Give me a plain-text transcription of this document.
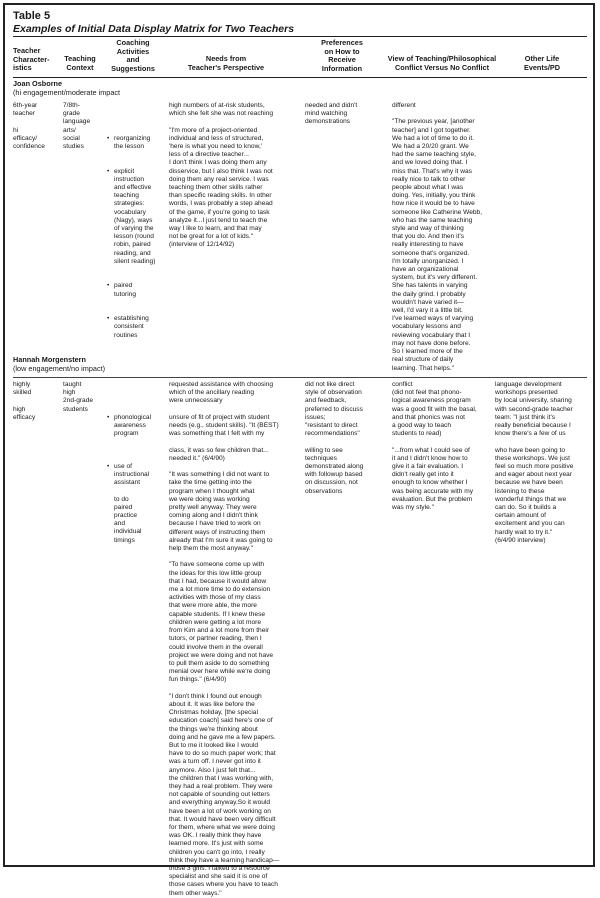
Table 5
Examples of Initial Data Display Matrix for Two Teachers
Teacher
Character-
istics
Teaching
Context
Coaching
Activities
and
Suggestions
Needs from
Teacher's Perspective
Preferences
on How to
Receive
Information
View of Teaching/Philosophical
Conflict Versus No Conflict
Other Life
Events/PD
Joan Osborne
(hi engagement/moderate impact
6th-year
teacher

hi
efficacy/
confidence
7/8th-
grade
language
arts/
social
studies

• reorganizing
the lesson

• explicit
instruction
and effective
teaching
strategies:
vocabulary
(Nagy), ways
of varying the
lesson (round
robin, paired
reading, and
silent reading)

• paired
tutoring

• establishing
consistent
routines

high numbers of at-risk students,
which she felt she was not reaching

"I'm more of a project-oriented
individual and less of structured,
'here is what you need to know,'
less of a directive teacher...
I don't think I was doing them any
disservice, but I also think I was not
doing them any real service. I was
teaching them other skills rather
than specific reading skills. In other
words, I was probably a step ahead
of the game, if you're going to task
analyze it...I just tend to teach the
way I like to learn, and that may
not be great for a lot of kids."
(interview of 12/14/92)
needed and didn't
mind watching
demonstrations
different

"The previous year, [another
teacher] and I got together.
We had a lot of time to do it.
We had a 20/20 grant. We
had the same teaching style,
and we loved doing that. I
miss that. That's why it was
really nice to talk to other
people about what I was
doing. Yes, initially, you think
how nice it would be to have
someone like Catherine Webb,
who has the same teaching
style and way of thinking
that you do. And then it's
really interesting to have
someone that's organized.
I'm totally unorganized. I
have an organizational
system, but it's very different.
She has talents in varying
the daily grind. I probably
wouldn't have varied it—
well, I'd vary it a little bit.
I've learned ways of varying
vocabulary lessons and
reviewing vocabulary that I
may not have done before.
So I learned more of the
real structure of daily
learning. That helps."
Hannah Morgenstern
(low engagement/no impact)
highly
skilled

high
efficacy
taught
high
2nd-grade
students

• phonological
awareness
program

• use of
instructional
assistant

to do
paired
practice
and
individual
timings

requested assistance with choosing
which of the ancillary reading
were unnecessary

unsure of fit of project with student
needs (e.g., student skills). "It (BEST)
was something that I felt with my

class, it was so few children that...
needed it." (6/4/90)

"It was something I did not want to
take the time getting into the
program when I thought what
we were doing was working
pretty well anyway. They were
coming along and I didn't think
because I have tried to work on
different ways of instructing them
already that I'm sure it was going to
help them the most anyway."

"To have someone come up with
the ideas for this low little group
that I had, because it would allow
me a lot more time to do extension
activities with those of my class
that were more able, the more
capable students. If I knew these
children were getting a lot more
from Kim and a lot more from their
tutors, or partner reading, then I
could involve them in the overall
project we were doing and not have
to pull them aside to do something
menial over here while we're doing
fun things." (6/4/90)

"I don't think I found out enough
about it. It was like before the
Christmas holiday, [the special
education coach] said here's one of
the things we're thinking about
doing and he gave me a few papers.
But to me it looked like I would
have to do so much paper work; that
was a turn off. I never got into it
anymore. Also I just felt that...
the children that I was working with,
they had a real problem. They were
not capable of sounding out letters
and everything anyway.So it would
have been a lot of work working on
that. It would have been very difficult
for them, where what we were doing
was OK. I really think they have
learned more. It's just with some
children you can't go into, I really
think they have a learning handicap—
those 3 girls. I talked to a resource
specialist and she said it is one of
those cases where you have to teach
them other ways."
did not like direct
style of observation
and feedback,
preferred to discuss
issues;
"resistant to direct
recommendations"

willing to see
techniques
demonstrated along
with followup based
on discussion, not
observations
conflict
(did not feel that phono-
logical awareness program
was a good fit with the basal,
and that phonics was not
a good way to teach
students to read)

"...from what I could see of
it and I didn't know how to
give it a fair evaluation. I
didn't really get into it
enough to know whether I
was being accurate with my
evaluation. But the problem
was my style."
language development
workshops presented
by local university, sharing
with second-grade teacher
team: "I just think it's
really beneficial because I
know there's a few of us

who have been going to
these workshops. We just
feel so much more positive
and eager about next year
because we have been
listening to these
wonderful things that we
can do. So it builds a
certain amount of
excitement and you can
hardly wait to try it."
(6/4/90 interview)
